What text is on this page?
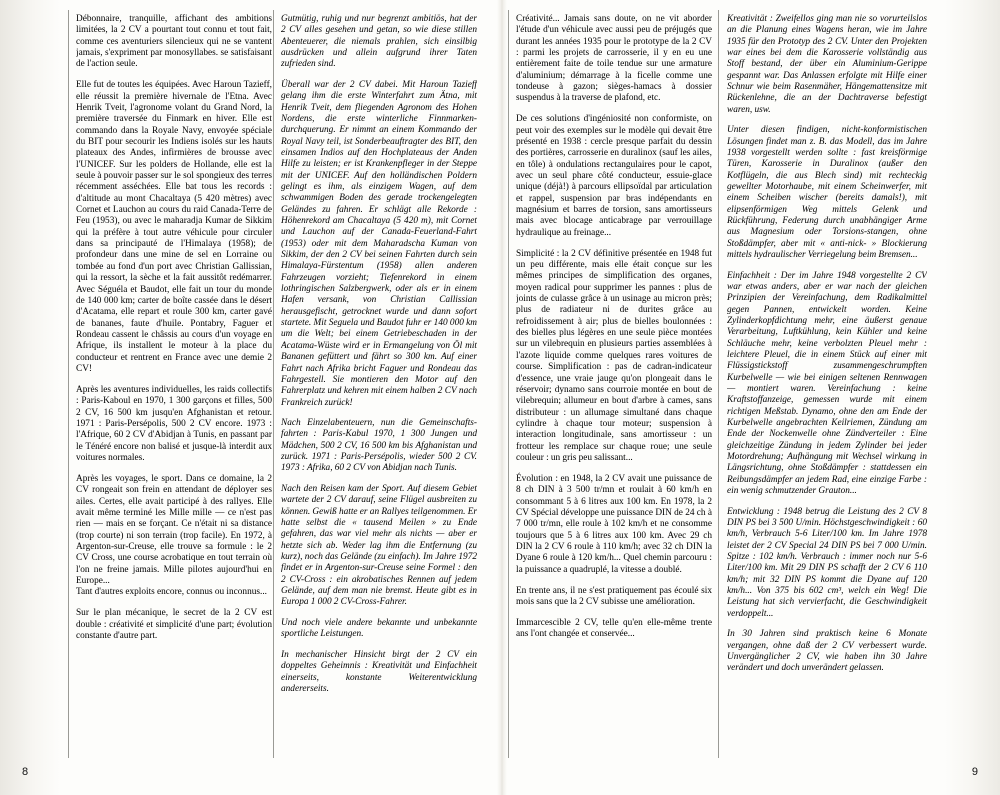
Débonnaire, tranquille, affichant des ambitions limitées, la 2 CV a pourtant tout connu et tout fait, comme ces aventuriers silencieux qui ne se vantent jamais, s'expriment par monosyllabes. se satisfaisant de l'action seule.

Elle fut de toutes les équipées. Avec Haroun Tazieff, elle réussit la première hivernale de l'Etna. Avec Henrik Tveit, l'agronome volant du Grand Nord, la première traversée du Finmark en hiver. Elle est commando dans la Royale Navy, envoyée spéciale du BIT pour secourir les Indiens isolés sur les hauts plateaux des Andes, infirmières de brousse avec l'UNICEF. Sur les polders de Hollande, elle est la seule à pouvoir passer sur le sol spongieux des terres récemment asséchées. Elle bat tous les records : d'altitude au mont Chacaltaya (5 420 mètres) avec Cornet et Lauchon au cours du raid Canada-Terre de Feu (1953), ou avec le maharadja Kumar de Sikkim qui la préfère à tout autre véhicule pour circuler dans sa principauté de l'Himalaya (1958); de profondeur dans une mine de sel en Lorraine ou tombée au fond d'un port avec Christian Gallissian, qui la ressort, la sèche et la fait aussitôt redémarrer. Avec Séguéla et Baudot, elle fait un tour du monde de 140 000 km; carter de boîte cassée dans le désert d'Acatama, elle repart et roule 300 km, carter gavé de bananes, faute d'huile. Pontabry, Faguer et Rondeau cassent le châssis au cours d'un voyage en Afrique, ils installent le moteur à la place du conducteur et rentrent en France avec une demie 2 CV!

Après les aventures individuelles, les raids collectifs : Paris-Kaboul en 1970, 1 300 garçons et filles, 500 2 CV, 16 500 km jusqu'en Afghanistan et retour. 1971 : Paris-Persépolis, 500 2 CV encore. 1973 : l'Afrique, 60 2 CV d'Abidjan à Tunis, en passant par le Ténéré encore non balisé et jusque-là interdit aux voitures normales.

Après les voyages, le sport. Dans ce domaine, la 2 CV rongeait son frein en attendant de déployer ses ailes. Certes, elle avait participé à des rallyes. Elle avait même terminé les Mille mille — ce n'est pas rien — mais en se forçant. Ce n'était ni sa distance (trop courte) ni son terrain (trop facile). En 1972, à Argenton-sur-Creuse, elle trouve sa formule : le 2 CV Cross, une course acrobatique en tout terrain où l'on ne freine jamais. Mille pilotes aujourd'hui en Europe...

Tant d'autres exploits encore, connus ou inconnus...

Sur le plan mécanique, le secret de la 2 CV est double : créativité et simplicité d'une part; évolution constante d'autre part.

Gutmütig, ruhig und nur begrenzt ambitiös, hat der 2 CV alles gesehen und getan, so wie diese stillen Abenteuerer, die niemals prahlen, sich einsilbig ausdrücken und allein aufgrund ihrer Taten zufrieden sind.

Überall war der 2 CV dabei. Mit Haroun Tazieff gelang ihm die erste Winterfahrt zum Ätna, mit Henrik Tveit, dem fliegenden Agronom des Hohen Nordens, die erste winterliche Finnmarken-durchquerung. Er nimmt an einem Kommando der Royal Navy teil, ist Sonderbeauftragter des BIT, den einsamen Indios auf den Hochplateaus der Anden Hilfe zu leisten; er ist Krankenpfleger in der Steppe mit der UNICEF. Auf den holländischen Poldern gelingt es ihm, als einzigem Wagen, auf dem schwammigen Boden des gerade trockengelegten Geländes zu fahren. Er schlägt alle Rekorde : Höhenrekord am Chacaltaya (5 420 m), mit Cornet und Lauchon auf der Canada-Feuerland-Fahrt (1953) oder mit dem Maharadscha Kuman von Sikkim, der den 2 CV bei seinen Fahrten durch sein Himalaya-Fürstentum (1958) allen anderen Fahrzeugen vorzieht; Tiefenrekord in einem lothringischen Salzbergwerk, oder als er in einem Hafen versank, von Christian Callissian herausgefischt, getrocknet wurde und dann sofort startete. Mit Seguela und Baudot fuhr er 140 000 km um die Welt; bei einem Getriebeschaden in der Acatama-Wüste wird er in Ermangelung von Öl mit Bananen gefüttert und fährt so 300 km. Auf einer Fahrt nach Afrika bricht Faguer und Rondeau das Fahrgestell. Sie montieren den Motor auf den Fahrerplatz und kehren mit einem halben 2 CV nach Frankreich zurück!

Nach Einzelabenteuern, nun die Gemeinschafts-fahrten : Paris-Kabul 1970, 1 300 Jungen und Mädchen, 500 2 CV, 16 500 km bis Afghanistan und zurück. 1971 : Paris-Persépolis, wieder 500 2 CV. 1973 : Afrika, 60 2 CV von Abidjan nach Tunis.

Nach den Reisen kam der Sport. Auf diesem Gebiet wartete der 2 CV darauf, seine Flügel ausbreiten zu können. Gewiß hatte er an Rallyes teilgenommen. Er hatte selbst die « tausend Meilen » zu Ende gefahren, das war viel mehr als nichts — aber er hetzte sich ab. Weder lag ihm die Entfernung (zu kurz), noch das Gelände (zu einfach). Im Jahre 1972 findet er in Argenton-sur-Creuse seine Formel : den 2 CV-Cross : ein akrobatisches Rennen auf jedem Gelände, auf dem man nie bremst. Heute gibt es in Europa 1 000 2 CV-Cross-Fahrer.

Und noch viele andere bekannte und unbekannte sportliche Leistungen.

In mechanischer Hinsicht birgt der 2 CV ein doppeltes Geheimnis : Kreativität und Einfachheit einerseits, konstante Weiterentwicklung andererseits.

Créativité... Jamais sans doute, on ne vit aborder l'étude d'un véhicule avec aussi peu de préjugés que durant les années 1935 pour le prototype de la 2 CV : parmi les projets de carrosserie, il y en eu une entièrement faite de toile tendue sur une armature d'aluminium; démarrage à la ficelle comme une tondeuse à gazon; sièges-hamacs à dossier suspendus à la traverse de plafond, etc.

De ces solutions d'ingéniosité non conformiste, on peut voir des exemples sur le modèle qui devait être présenté en 1938 : cercle presque parfait du dessin des portières, carrosserie en duralinox (sauf les ailes, en tôle) à ondulations rectangulaires pour le capot, avec un seul phare côté conducteur, essuie-glace unique (déjà!) à parcours ellipsoïdal par articulation et rappel, suspension par bras indépendants en magnésium et barres de torsion, sans amortisseurs mais avec blocage anticabrage par verrouillage hydraulique au freinage...

Simplicité : la 2 CV définitive présentée en 1948 fut un peu différente, mais elle était conçue sur les mêmes principes de simplification des organes, moyen radical pour supprimer les pannes : plus de joints de culasse grâce à un usinage au micron près; plus de radiateur ni de durites grâce au refroidissement à air; plus de bielles boulonnées : des bielles plus légères en une seule pièce montées sur un vilebrequin en plusieurs parties assemblées à l'azote liquide comme quelques rares voitures de course. Simplification : pas de cadran-indicateur d'essence, une vraie jauge qu'on plongeait dans le réservoir; dynamo sans courroie montée en bout de vilebrequin; allumeur en bout d'arbre à cames, sans distributeur : un allumage simultané dans chaque cylindre à chaque tour moteur; suspension à interaction longitudinale, sans amortisseur : un frotteur les remplace sur chaque roue; une seule couleur : un gris peu salissant...

Évolution : en 1948, la 2 CV avait une puissance de 8 ch DIN à 3 500 tr/mn et roulait à 60 km/h en consommant 5 à 6 litres aux 100 km. En 1978, la 2 CV Spécial développe une puissance DIN de 24 ch à 7 000 tr/mn, elle roule à 102 km/h et ne consomme toujours que 5 à 6 litres aux 100 km. Avec 29 ch DIN la 2 CV 6 roule à 110 km/h; avec 32 ch DIN la Dyane 6 roule à 120 km/h... Quel chemin parcouru : la puissance a quadruplé, la vitesse a doublé.

En trente ans, il ne s'est pratiquement pas écoulé six mois sans que la 2 CV subisse une amélioration.

Immarcescible 2 CV, telle qu'en elle-même trente ans l'ont changée et conservée...

Kreativität : Zweifellos ging man nie so vorurteilslos an die Planung eines Wagens heran, wie im Jahre 1935 für den Prototyp des 2 CV. Unter den Projekten war eines bei dem die Karosserie vollständig aus Stoff bestand, der über ein Aluminium-Gerippe gespannt war. Das Anlassen erfolgte mit Hilfe einer Schnur wie beim Rasenmäher, Hängemattensitze mit Rückenlehne, die an der Dachtraverse befestigt waren, usw.

Unter diesen findigen, nicht-konformistischen Lösungen findet man z. B. das Modell, das im Jahre 1938 vorgestellt werden sollte : fast kreisförmige Türen, Karosserie in Duralinox (außer den Kotflügeln, die aus Blech sind) mit rechteckig gewellter Motorhaube, mit einem Scheinwerfer, mit einem Scheiben wischer (bereits damals!), mit elipsenförmigen Weg mittels Gelenk und Rückführung, Federung durch unabhängiger Arme aus Magnesium oder Torsions-stangen, ohne Stoßdämpfer, aber mit « anti-nick- » Blockierung mittels hydraulischer Verriegelung beim Bremsen...

Einfachheit : Der im Jahre 1948 vorgestellte 2 CV war etwas anders, aber er war nach der gleichen Prinzipien der Vereinfachung, dem Radikalmittel gegen Pannen, entwickelt worden. Keine Zylinderkopfdichtung mehr, eine äußerst genaue Verarbeitung, Luftkühlung, kein Kühler und keine Schläuche mehr, keine verbolzten Pleuel mehr : leichtere Pleuel, die in einem Stück auf einer mit Flüssigstickstoff zusammengeschrumpften Kurbelwelle — wie bei einigen seltenen Rennwagen — montiert waren. Vereinfachung : keine Kraftstoffanzeige, gemessen wurde mit einem richtigen Meßstab. Dynamo, ohne den am Ende der Kurbelwelle angebrachten Keilriemen, Zündung am Ende der Nockenwelle ohne Zündverteiler : Eine gleichzeitige Zündung in jedem Zylinder bei jeder Motordrehung; Aufhängung mit Wechsel wirkung in Längsrichtung, ohne Stoßdämpfer : stattdessen ein Reibungsdämpfer an jedem Rad, eine einzige Farbe : ein wenig schmutzender Grauton...

Entwicklung : 1948 betrug die Leistung des 2 CV 8 DIN PS bei 3 500 U/min. Höchstgeschwindigkeit : 60 km/h, Verbrauch 5-6 Liter/100 km. Im Jahre 1978 leistet der 2 CV Special 24 DIN PS bei 7 000 U/min. Spitze : 102 km/h. Verbrauch : immer noch nur 5-6 Liter/100 km. Mit 29 DIN PS schafft der 2 CV 6 110 km/h; mit 32 DIN PS kommt die Dyane auf 120 km/h... Von 375 bis 602 cm³, welch ein Weg! Die Leistung hat sich vervierfacht, die Geschwindigkeit verdoppelt...

In 30 Jahren sind praktisch keine 6 Monate vergangen, ohne daß der 2 CV verbessert wurde. Unvergänglicher 2 CV, wie haben ihn 30 Jahre verändert und doch unverändert gelassen.

8	9
